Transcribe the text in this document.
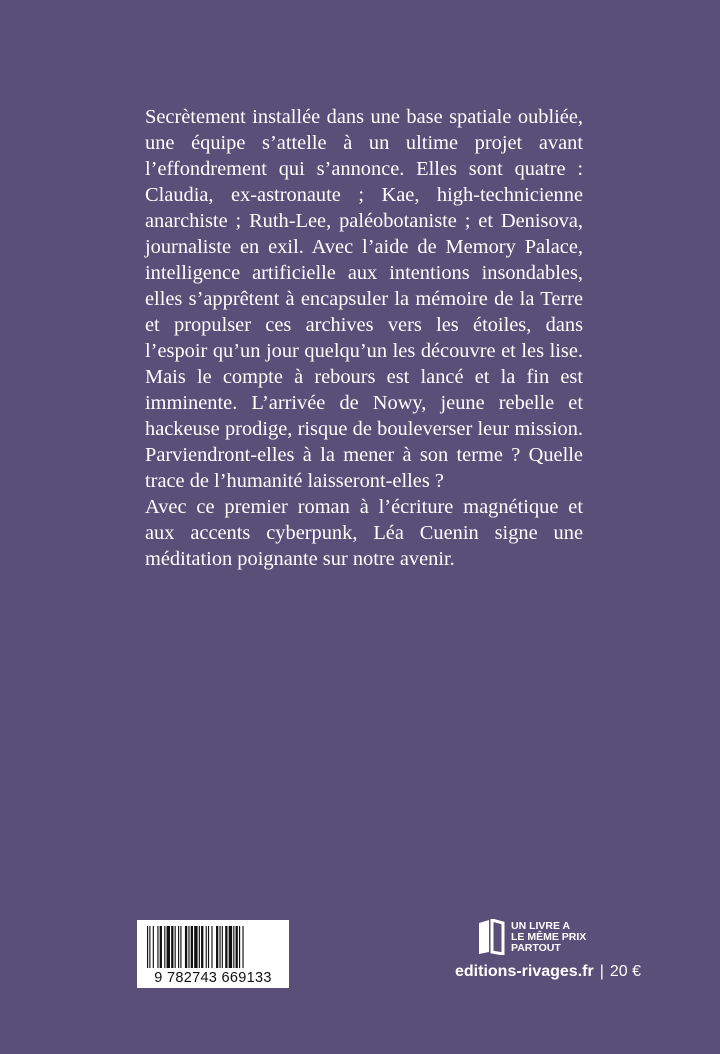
Secrètement installée dans une base spatiale oubliée, une équipe s’attelle à un ultime projet avant l’effondrement qui s’annonce. Elles sont quatre : Claudia, ex-astronaute ; Kae, high-technicienne anarchiste ; Ruth-Lee, paléobotaniste ; et Denisova, journaliste en exil. Avec l’aide de Memory Palace, intelligence artificielle aux intentions insondables, elles s’apprêtent à encapsuler la mémoire de la Terre et propulser ces archives vers les étoiles, dans l’espoir qu’un jour quelqu’un les découvre et les lise. Mais le compte à rebours est lancé et la fin est imminente. L’arrivée de Nowy, jeune rebelle et hackeuse prodige, risque de bouleverser leur mission. Parviendront-elles à la mener à son terme ? Quelle trace de l’humanité laisseront-elles ?

Avec ce premier roman à l’écriture magnétique et aux accents cyberpunk, Léa Cuenin signe une méditation poignante sur notre avenir.

9 782743 669133
UN LIVRE A
LE MÊME PRIX
PARTOUT
editions-rivages.fr | 20 €
